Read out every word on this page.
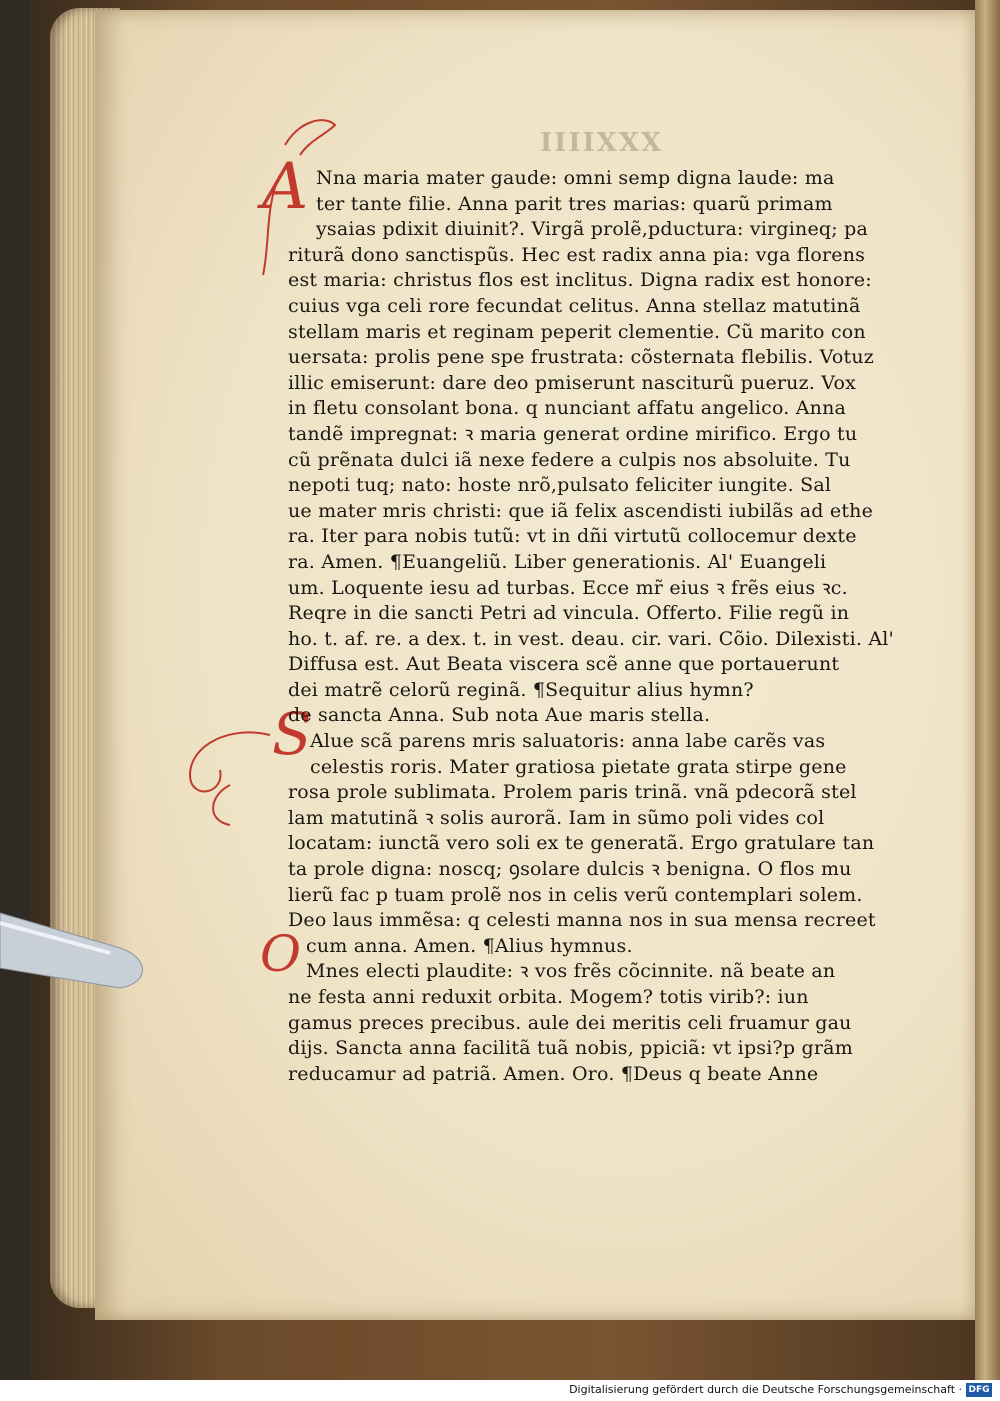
IIIIXXX
A
S
O
Nna maria mater gaude: omni semp digna laude: ma
ter tante filie. Anna parit tres marias: quarũ primam
ysaias pdixit diuinit?. Virgã prolẽ,pductura: virgineq; pa
riturã dono sanctispũs. Hec est radix anna pia: vga florens
est maria: christus flos est inclitus. Digna radix est honore:
cuius vga celi rore fecundat celitus. Anna stellaz matutinã
stellam maris et reginam peperit clementie. Cũ marito con
uersata: prolis pene spe frustrata: cõsternata flebilis. Votuz
illic emiserunt: dare deo pmiserunt nasciturũ pueruz. Vox
in fletu consolant bona. q nunciant affatu angelico. Anna
tandẽ impregnat: ꝛ maria generat ordine mirifico. Ergo tu
cũ prẽnata dulci iã nexe federe a culpis nos absoluite. Tu
nepoti tuq; nato: hoste nrõ,pulsato feliciter iungite. Sal
ue mater mris christi: que iã felix ascendisti iubilãs ad ethe
ra. Iter para nobis tutũ: vt in dñi virtutũ collocemur dexte
ra. Amen. ¶Euangeliũ. Liber generationis. Al' Euangeli
um. Loquente iesu ad turbas. Ecce mr̃ eius ꝛ frẽs eius ꝛc.
Reqre in die sancti Petri ad vincula. Offerto. Filie regũ in
ho. t. af. re. a dex. t. in vest. deau. cir. vari. Cõio. Dilexisti. Al'
Diffusa est. Aut Beata viscera scẽ anne que portauerunt
dei matrẽ celorũ reginã. ¶Sequitur alius hymn?
de sancta Anna. Sub nota Aue maris stella.
Alue scã parens mris saluatoris: anna labe carẽs vas
celestis roris. Mater gratiosa pietate grata stirpe gene
rosa prole sublimata. Prolem paris trinã. vnã pdecorã stel
lam matutinã ꝛ solis aurorã. Iam in sũmo poli vides col
locatam: iunctã vero soli ex te generatã. Ergo gratulare tan
ta prole digna: noscq; ꝯsolare dulcis ꝛ benigna. O flos mu
lierũ fac p tuam prolẽ nos in celis verũ contemplari solem.
Deo laus immẽsa: q celesti manna nos in sua mensa recreet
cum anna. Amen. ¶Alius hymnus.
Mnes electi plaudite: ꝛ vos frẽs cõcinnite. nã beate an
ne festa anni reduxit orbita. Mogem? totis virib?: iun
gamus preces precibus. aule dei meritis celi fruamur gau
dijs. Sancta anna facilitã tuã nobis, ppiciã: vt ipsi?p grãm
reducamur ad patriã. Amen. Oro. ¶Deus q beate Anne
Digitalisierung gefördert durch die Deutsche Forschungsgemeinschaft · DFG
